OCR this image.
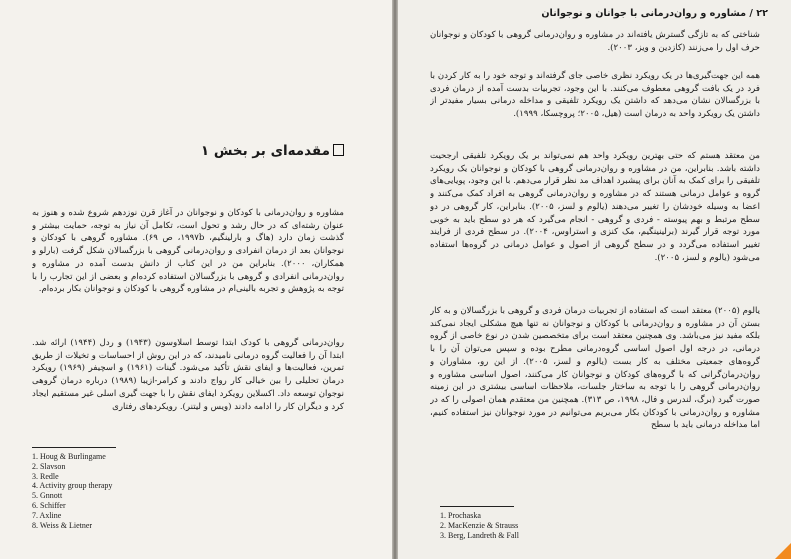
مقدمه‌ای بر بخش ۱

مشاوره و روان‌درمانی با کودکان و نوجوانان در آغاز قرن نوزدهم شروع شده و هنوز به عنوان رشته‌ای که در حال رشد و تحول است، تکامل آن نیاز به توجه، حمایت بیشتر و گذشت زمان دارد (هاگ و بارلینگیم، ۱۹۹۷b، ص ۶۹). مشاوره گروهی با کودکان و نوجوانان بعد از درمان انفرادی و روان‌درمانی گروهی با بزرگسالان شکل گرفت (بارلو و همکاران، ۲۰۰۰). بنابراین من در این کتاب از دانش بدست آمده در مشاوره و روان‌درمانی انفرادی و گروهی با بزرگسالان استفاده کرده‌ام و بعضی از این تجارب را با توجه به پژوهش و تجربه بالینی‌ام در مشاوره گروهی با کودکان و نوجوانان بکار برده‌ام.

روان‌درمانی گروهی با کودک ابتدا توسط اسلاوسون (۱۹۴۳) و ردل (۱۹۴۴) ارائه شد. ابتدا آن را فعالیت گروه درمانی نامیدند، که در این روش از احساسات و تخیلات از طریق تمرین، فعالیت‌ها و ایفای نقش تأکید می‌شود. گینات (۱۹۶۱) و اسچیفر (۱۹۶۹) رویکرد درمان تحلیلی را بین خیالی کار رواج دادند و کرامر-ازیبا (۱۹۸۹) درباره درمان گروهی نوجوان توسعه داد. اکسلاین رویکرد ایفای نقش را با جهت گیری اسلی غیر مستقیم ایجاد کرد و دیگران کار را ادامه دادند (ویس و لیتنر). رویکردهای رفتاری

1. Houg & Burlingame
2. Slavson
3. Redle
4. Activity group therapy
5. Gnnott
6. Schiffer
7. Axline
8. Weiss & Lietner
۲۲ / مشاوره و روان‌درمانی با جوانان و نوجوانان

شناختی که به تازگی گسترش یافته‌اند در مشاوره و روان‌درمانی گروهی با کودکان و نوجوانان حرف اول را می‌زنند (کازدین و ویز، ۲۰۰۳).

همه این جهت‌گیری‌ها در یک رویکرد نظری خاصی جای گرفته‌اند و توجه خود را به کار کردن با فرد در یک بافت گروهی معطوف می‌کنند. با این وجود، تجربیات بدست آمده از درمان فردی با بزرگسالان نشان می‌دهد که داشتن یک رویکرد تلفیقی و مداخله درمانی بسیار مفیدتر از داشتن یک رویکرد واحد به درمان است (هیل، ۲۰۰۵؛ پروچسکا، ۱۹۹۹).

من معتقد هستم که حتی بهترین رویکرد واحد هم نمی‌تواند بر یک رویکرد تلفیقی ارجحیت داشته باشد. بنابراین، من در مشاوره و روان‌درمانی گروهی با کودکان و نوجوانان یک رویکرد تلفیقی را برای کمک به آنان برای پیشبرد اهداف مد نظر قرار می‌دهم. با این وجود، پویایی‌های گروه و عوامل درمانی هستند که در مشاوره و روان‌درمانی گروهی به افراد کمک می‌کنند و اعضا به وسیله خودشان را تغییر می‌دهند (یالوم و لسز، ۲۰۰۵). بنابراین، کار گروهی در دو سطح مرتبط و بهم پیوسته - فردی و گروهی - انجام می‌گیرد که هر دو سطح باید به خوبی مورد توجه قرار گیرند (برلینینگیم، مک کنزی و استراوس، ۲۰۰۴). در سطح فردی از فرایند تغییر استفاده می‌گردد و در سطح گروهی از اصول و عوامل درمانی در گروه‌ها استفاده می‌شود (یالوم و لسز، ۲۰۰۵).

یالوم (۲۰۰۵) معتقد است که استفاده از تجربیات درمان فردی و گروهی با بزرگسالان و به کار بستن آن در مشاوره و روان‌درمانی با کودکان و نوجوانان نه تنها هیچ مشکلی ایجاد نمی‌کند بلکه مفید نیز می‌باشد. وی همچنین معتقد است برای متخصصین شدن در نوع خاصی از گروه درمانی، در درجه اول اصول اساسی گروه‌درمانی مطرح بوده و سپس می‌توان آن را با گروه‌های جمعیتی مختلف به کار بست (یالوم و لسز، ۲۰۰۵). از این رو، مشاوران و روان‌درمان‌گرانی که با گروه‌های کودکان و نوجوانان کار می‌کنند، اصول اساسی مشاوره و روان‌درمانی گروهی را با توجه به ساختار جلسات، ملاحظات اساسی بیشتری در این زمینه صورت گیرد (برگ، لندرس و فال، ۱۹۹۸، ص ۳۱۳). همچنین من معتقدم همان اصولی را که در مشاوره و روان‌درمانی با کودکان بکار می‌بریم می‌توانیم در مورد نوجوانان نیز استفاده کنیم، اما مداخله درمانی باید با سطح

1. Prochaska
2. MacKenzie & Strauss
3. Berg, Landreth & Fall
